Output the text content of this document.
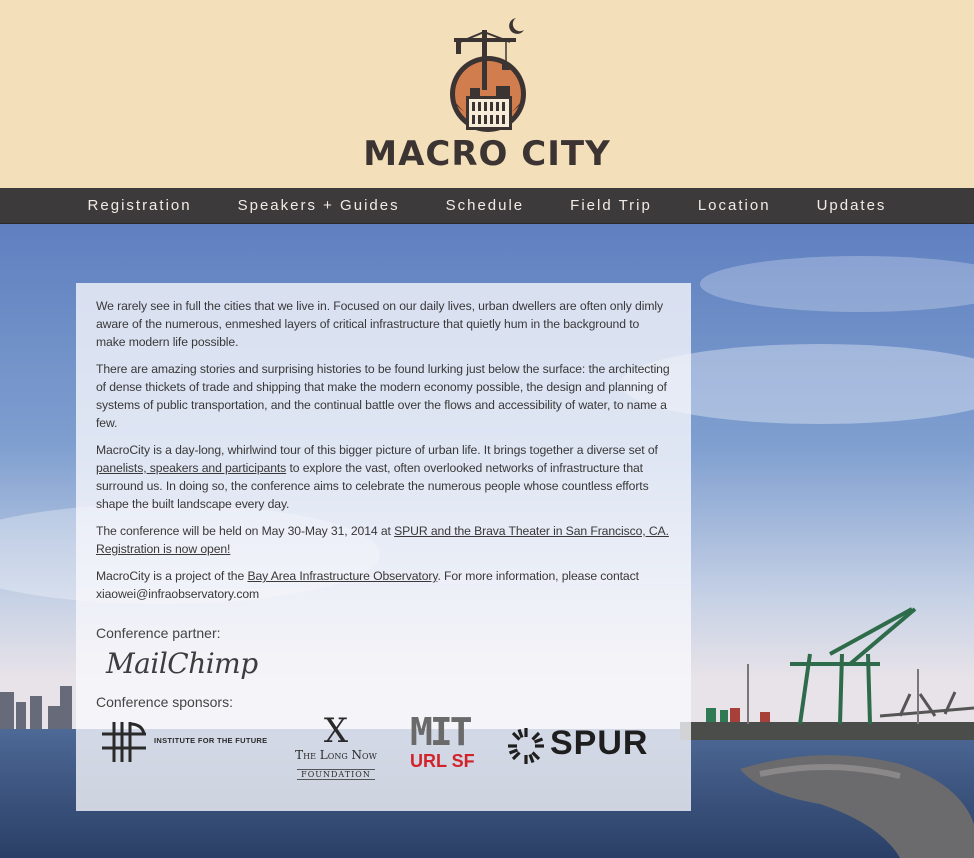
MACRO CITY
Registration	Speakers + Guides	Schedule	Field Trip	Location	Updates

We rarely see in full the cities that we live in. Focused on our daily lives, urban dwellers are often only dimly aware of the numerous, enmeshed layers of critical infrastructure that quietly hum in the background to make modern life possible.

There are amazing stories and surprising histories to be found lurking just below the surface: the architecting of dense thickets of trade and shipping that make the modern economy possible, the design and planning of systems of public transportation, and the continual battle over the flows and accessibility of water, to name a few.

MacroCity is a day-long, whirlwind tour of this bigger picture of urban life. It brings together a diverse set of panelists, speakers and participants to explore the vast, often overlooked networks of infrastructure that surround us. In doing so, the conference aims to celebrate the numerous people whose countless efforts shape the built landscape every day.

The conference will be held on May 30-May 31, 2014 at SPUR and the Brava Theater in San Francisco, CA.
Registration is now open!

MacroCity is a project of the Bay Area Infrastructure Observatory. For more information, please contact xiaowei@infraobservatory.com

Conference partner:
MailChimp
Conference sponsors:
INSTITUTE FOR THE FUTURE	X
The Long Now
FOUNDATION
MIT
URL SF	SPUR
